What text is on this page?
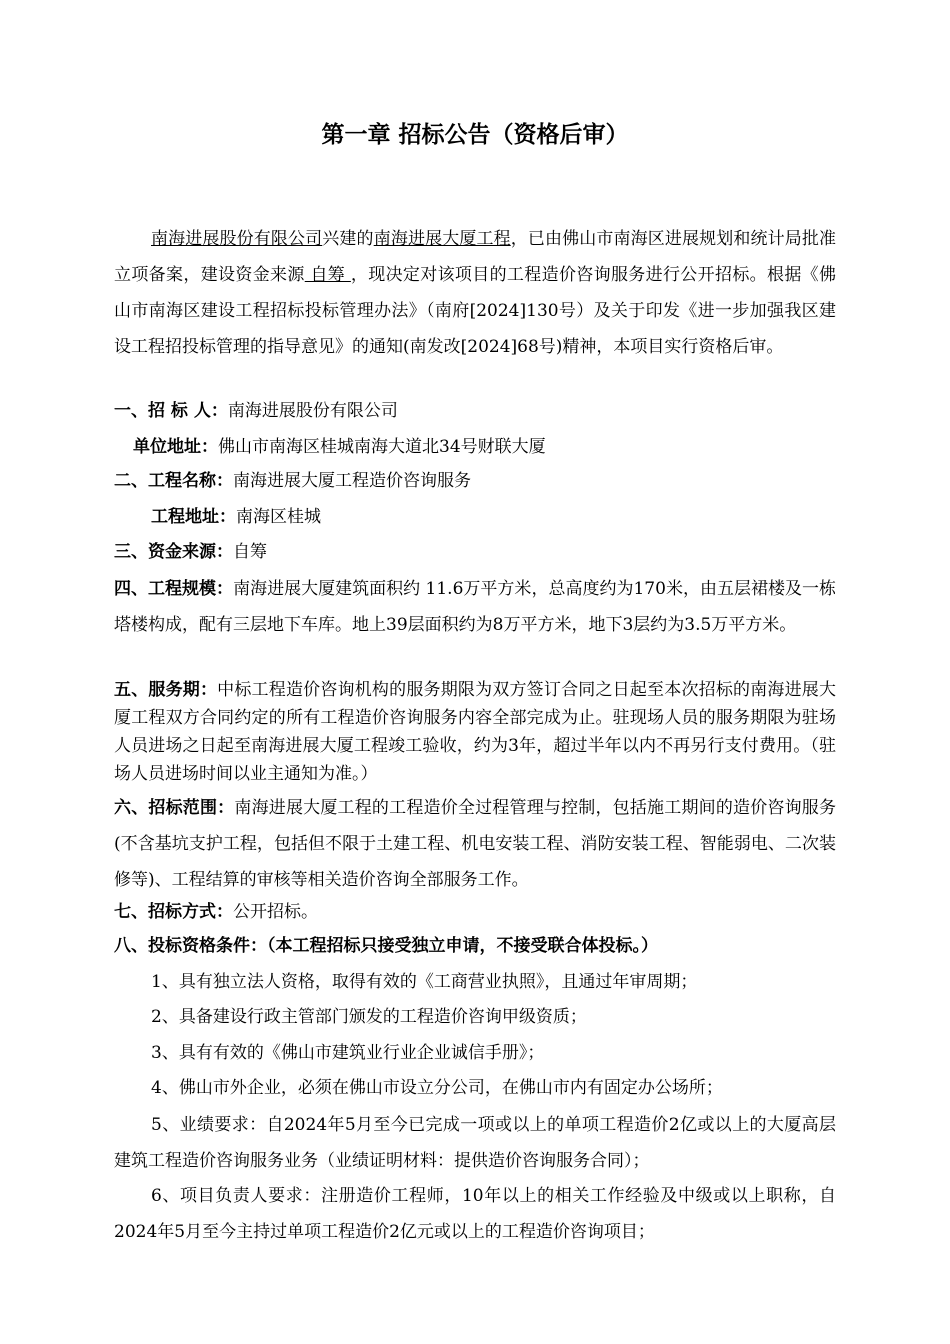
第一章 招标公告（资格后审）
南海进展股份有限公司兴建的南海进展大厦工程，已由佛山市南海区进展规划和统计局批准立项备案，建设资金来源 自筹 ，现决定对该项目的工程造价咨询服务进行公开招标。根据《佛山市南海区建设工程招标投标管理办法》（南府[2024]130号）及关于印发《进一步加强我区建设工程招投标管理的指导意见》的通知(南发改[2024]68号)精神，本项目实行资格后审。
一、招 标 人：南海进展股份有限公司
单位地址：佛山市南海区桂城南海大道北34号财联大厦
二、工程名称：南海进展大厦工程造价咨询服务
工程地址：南海区桂城
三、资金来源：自筹
四、工程规模：南海进展大厦建筑面积约 11.6万平方米，总高度约为170米，由五层裙楼及一栋塔楼构成，配有三层地下车库。地上39层面积约为8万平方米，地下3层约为3.5万平方米。
五、服务期：中标工程造价咨询机构的服务期限为双方签订合同之日起至本次招标的南海进展大厦工程双方合同约定的所有工程造价咨询服务内容全部完成为止。驻现场人员的服务期限为驻场人员进场之日起至南海进展大厦工程竣工验收，约为3年，超过半年以内不再另行支付费用。（驻场人员进场时间以业主通知为准。）
六、招标范围：南海进展大厦工程的工程造价全过程管理与控制，包括施工期间的造价咨询服务(不含基坑支护工程，包括但不限于土建工程、机电安装工程、消防安装工程、智能弱电、二次装修等)、工程结算的审核等相关造价咨询全部服务工作。
七、招标方式：公开招标。
八、投标资格条件：（本工程招标只接受独立申请，不接受联合体投标。）
1、具有独立法人资格，取得有效的《工商营业执照》，且通过年审周期；
2、具备建设行政主管部门颁发的工程造价咨询甲级资质；
3、具有有效的《佛山市建筑业行业企业诚信手册》；
4、佛山市外企业，必须在佛山市设立分公司，在佛山市内有固定办公场所；
5、业绩要求：自2024年5月至今已完成一项或以上的单项工程造价2亿或以上的大厦高层建筑工程造价咨询服务业务（业绩证明材料：提供造价咨询服务合同）；
6、项目负责人要求：注册造价工程师，10年以上的相关工作经验及中级或以上职称，自2024年5月至今主持过单项工程造价2亿元或以上的工程造价咨询项目；
